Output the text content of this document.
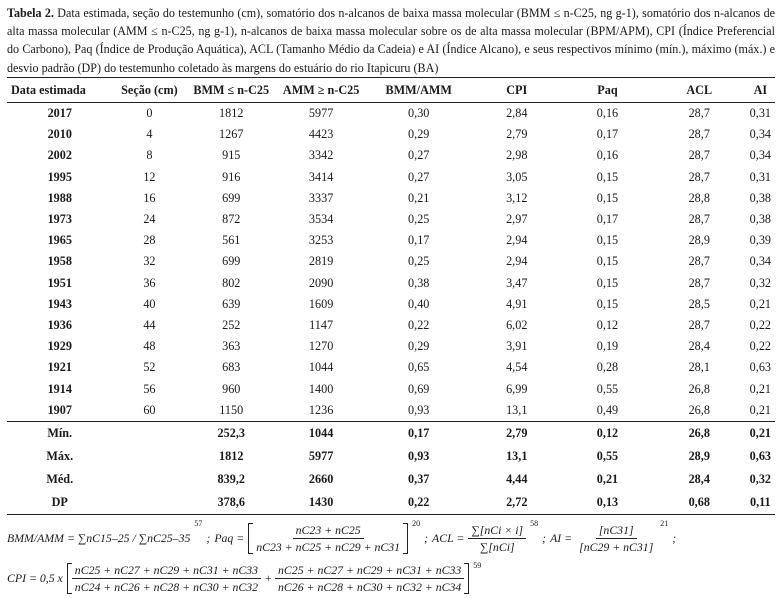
Tabela 2. Data estimada, seção do testemunho (cm), somatório dos n-alcanos de baixa massa molecular (BMM ≤ n-C25, ng g-1), somatório dos n-alcanos de alta massa molecular (AMM ≤ n-C25, ng g-1), n-alcanos de baixa massa molecular sobre os de alta massa molecular (BPM/APM), CPI (Índice Preferencial do Carbono), Paq (Índice de Produção Aquática), ACL (Tamanho Médio da Cadeia) e AI (Índice Alcano), e seus respectivos mínimo (mín.), máximo (máx.) e desvio padrão (DP) do testemunho coletado às margens do estuário do rio Itapicuru (BA)
Data estimada	Seção (cm)	BMM ≤ n-C25	AMM ≥ n-C25	BMM/AMM	CPI	Paq	ACL	AI
2017	0	1812	5977	0,30	2,84	0,16	28,7	0,31
2010	4	1267	4423	0,29	2,79	0,17	28,7	0,34
2002	8	915	3342	0,27	2,98	0,16	28,7	0,34
1995	12	916	3414	0,27	3,05	0,15	28,7	0,31
1988	16	699	3337	0,21	3,12	0,15	28,8	0,38
1973	24	872	3534	0,25	2,97	0,17	28,7	0,38
1965	28	561	3253	0,17	2,94	0,15	28,9	0,39
1958	32	699	2819	0,25	2,94	0,15	28,7	0,34
1951	36	802	2090	0,38	3,47	0,15	28,7	0,32
1943	40	639	1609	0,40	4,91	0,15	28,5	0,21
1936	44	252	1147	0,22	6,02	0,12	28,7	0,22
1929	48	363	1270	0,29	3,91	0,19	28,4	0,22
1921	52	683	1044	0,65	4,54	0,28	28,1	0,63
1914	56	960	1400	0,69	6,99	0,55	26,8	0,21
1907	60	1150	1236	0,93	13,1	0,49	26,8	0,21
Mín.		252,3	1044	0,17	2,79	0,12	26,8	0,21
Máx.		1812	5977	0,93	13,1	0,55	28,9	0,63
Méd.		839,2	2660	0,37	4,44	0,21	28,4	0,32
DP		378,6	1430	0,22	2,72	0,13	0,68	0,11
BMM/AMM = ∑nC15–25 / ∑nC25–35
57
; Paq = $\frac{nC23 + nC25}{nC23 + nC25 + nC29 + nC31} 20$
; ACL = $\frac{\text{∑[nCi × i]}}{\text{∑[nCi]}} 58$
; AI = $\frac{[nC31]}{[nC29 + nC31]} 21$
;
CPI = 0,5 x $\frac{nC25 + nC27 + nC29 + nC31 + nC33}{nC24 + nC26 + nC28 + nC30 + nC32} + \frac{nC25 + nC27 + nC29 + nC31 + nC33}{nC26 + nC28 + nC30 + nC32 + nC34} 59$
